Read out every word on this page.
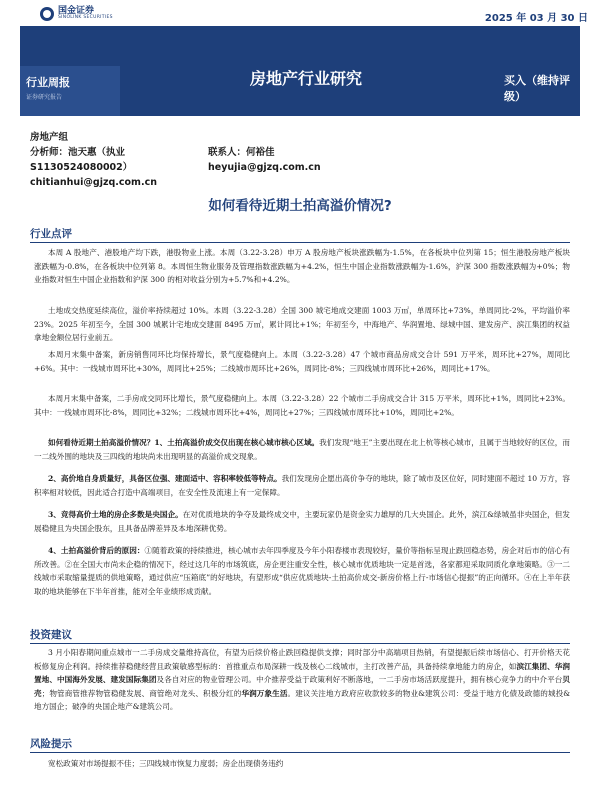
国金证券
SINOLINK SECURITIES	2025 年 03 月 30 日
房地产行业研究	买入（维持评级）
行业周报
证券研究报告
房地产组
分析师：池天惠（执业
S1130524080002）
chitianhui@gjzq.com.cn
联系人：何裕佳
heyujia@gjzq.com.cn
如何看待近期土拍高溢价情况?
行业点评

本周 A 股地产、港股地产均下跌，港股物业上涨。本周（3.22-3.28）申万 A 股房地产板块涨跌幅为-1.5%，在各板块中位列第 15；恒生港股房地产板块涨跌幅为-0.8%，在各板块中位列第 8。本周恒生物业服务及管理指数涨跌幅为+4.2%，恒生中国企业指数涨跌幅为-1.6%，沪深 300 指数涨跌幅为+0%；物业指数对恒生中国企业指数和沪深 300 的相对收益分别为+5.7%和+4.2%。

土地成交热度延续高位，溢价率持续超过 10%。本周（3.22-3.28）全国 300 城宅地成交建面 1003 万㎡，单周环比+73%，单周同比-2%，平均溢价率 23%。2025 年初至今，全国 300 城累计宅地成交建面 8495 万㎡，累计同比+1%；年初至今，中海地产、华润置地、绿城中国、建发房产、滨江集团的权益拿地金额位居行业前五。

本周月末集中备案，新房销售同环比均保持增长，景气度稳健向上。本周（3.22-3.28）47 个城市商品房成交合计 591 万平米，周环比+27%，周同比+6%。其中：一线城市周环比+30%，周同比+25%；二线城市周环比+26%，周同比-8%；三四线城市周环比+26%，周同比+17%。

本周月末集中备案，二手房成交同环比增长，景气度稳健向上。本周（3.22-3.28）22 个城市二手房成交合计 315 万平米，周环比+1%，周同比+23%。其中：一线城市周环比-8%，周同比+32%；二线城市周环比+4%，周同比+27%；三四线城市周环比+10%，周同比+2%。

如何看待近期土拍高溢价情况？1、土拍高溢价成交仅出现在核心城市核心区域。我们发现“地王”主要出现在北上杭等核心城市，且属于当地较好的区位，而一二线外围的地块及三四线的地块尚未出现明显的高溢价成交现象。

2、高价地自身质量好，具备区位强、建面适中、容积率较低等特点。我们发现房企愿出高价争夺的地块，除了城市及区位好，同时建面不超过 10 万方，容积率相对较低，因此适合打造中高端项目，在安全性及流速上有一定保障。

3、竞得高价土地的房企多数是央国企。在对优质地块的争夺及最终成交中，主要玩家仍是资金实力雄厚的几大央国企。此外，滨江&绿城虽非央国企，但发展稳健且为央国企股东，且具备品牌差异及本地深耕优势。

4、土拍高溢价背后的原因：①随着政策的持续推进，核心城市去年四季度及今年小阳春楼市表现较好，量价等指标呈现止跌回稳态势，房企对后市的信心有所改善。②在全国大市尚未企稳的情况下，经过这几年的市场筑底，房企更注重安全性，核心城市优质地块一定是首选，各家都迎采取同质化拿地策略。③一二线城市采取缩量提质的供地策略，通过供应“压箱底”的好地块，有望形成“供应优质地块-土拍高价成交-新房价格上行-市场信心提振”的正向循环。④在上半年获取的地块能够在下半年首推，能对全年业绩形成贡献。

投资建议

3 月小阳春期间重点城市一二手房成交量维持高位，有望为后续价格止跌回稳提供支撑；同时部分中高端项目热销，有望提振后续市场信心、打开价格天花板修复房企利润。持续推荐稳健经营且政策敏感型标的：首推重点布局深耕一线及核心二线城市，主打改善产品，具备持续拿地能力的房企，如滨江集团、华润置地、中国海外发展、建发国际集团及各自对应的物业管理公司。中介推荐受益于政策利好不断落地，一二手房市场活跃度提升，拥有核心竞争力的中介平台贝壳；物管商管推荐物管稳健发展、商管绝对龙头、积极分红的华润万象生活。建议关注地方政府应收款较多的物业&建筑公司：受益于地方化债及政德的城投&地方国企；破净的央国企地产&建筑公司。

风险提示

宽松政策对市场提振不佳；三四线城市恢复力度弱；房企出现债务违约
